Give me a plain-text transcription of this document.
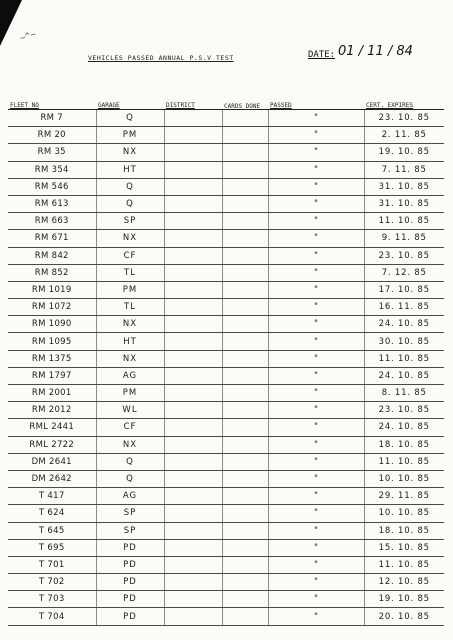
~^~
VEHICLES PASSED ANNUAL P.S.V TEST	DATE: 01 / 11 / 84
FLEET NO	GARAGE	DISTRICT	CARDS DONE	PASSED	CERT. EXPIRES
RM 7	Q			"	23. 10. 85
RM 20	PM			"	2. 11. 85
RM 35	NX			"	19. 10. 85
RM 354	HT			"	7. 11. 85
RM 546	Q			"	31. 10. 85
RM 613	Q			"	31. 10. 85
RM 663	SP			"	11. 10. 85
RM 671	NX			"	9. 11. 85
RM 842	CF			"	23. 10. 85
RM 852	TL			"	7. 12. 85
RM 1019	PM			"	17. 10. 85
RM 1072	TL			"	16. 11. 85
RM 1090	NX			"	24. 10. 85
RM 1095	HT			"	30. 10. 85
RM 1375	NX			"	11. 10. 85
RM 1797	AG			"	24. 10. 85
RM 2001	PM			"	8. 11. 85
RM 2012	WL			"	23. 10. 85
RML 2441	CF			"	24. 10. 85
RML 2722	NX			"	18. 10. 85
DM 2641	Q			"	11. 10. 85
DM 2642	Q			"	10. 10. 85
T 417	AG			"	29. 11. 85
T 624	SP			"	10. 10. 85
T 645	SP			"	18. 10. 85
T 695	PD			"	15. 10. 85
T 701	PD			"	11. 10. 85
T 702	PD			"	12. 10. 85
T 703	PD			"	19. 10. 85
T 704	PD			"	20. 10. 85
